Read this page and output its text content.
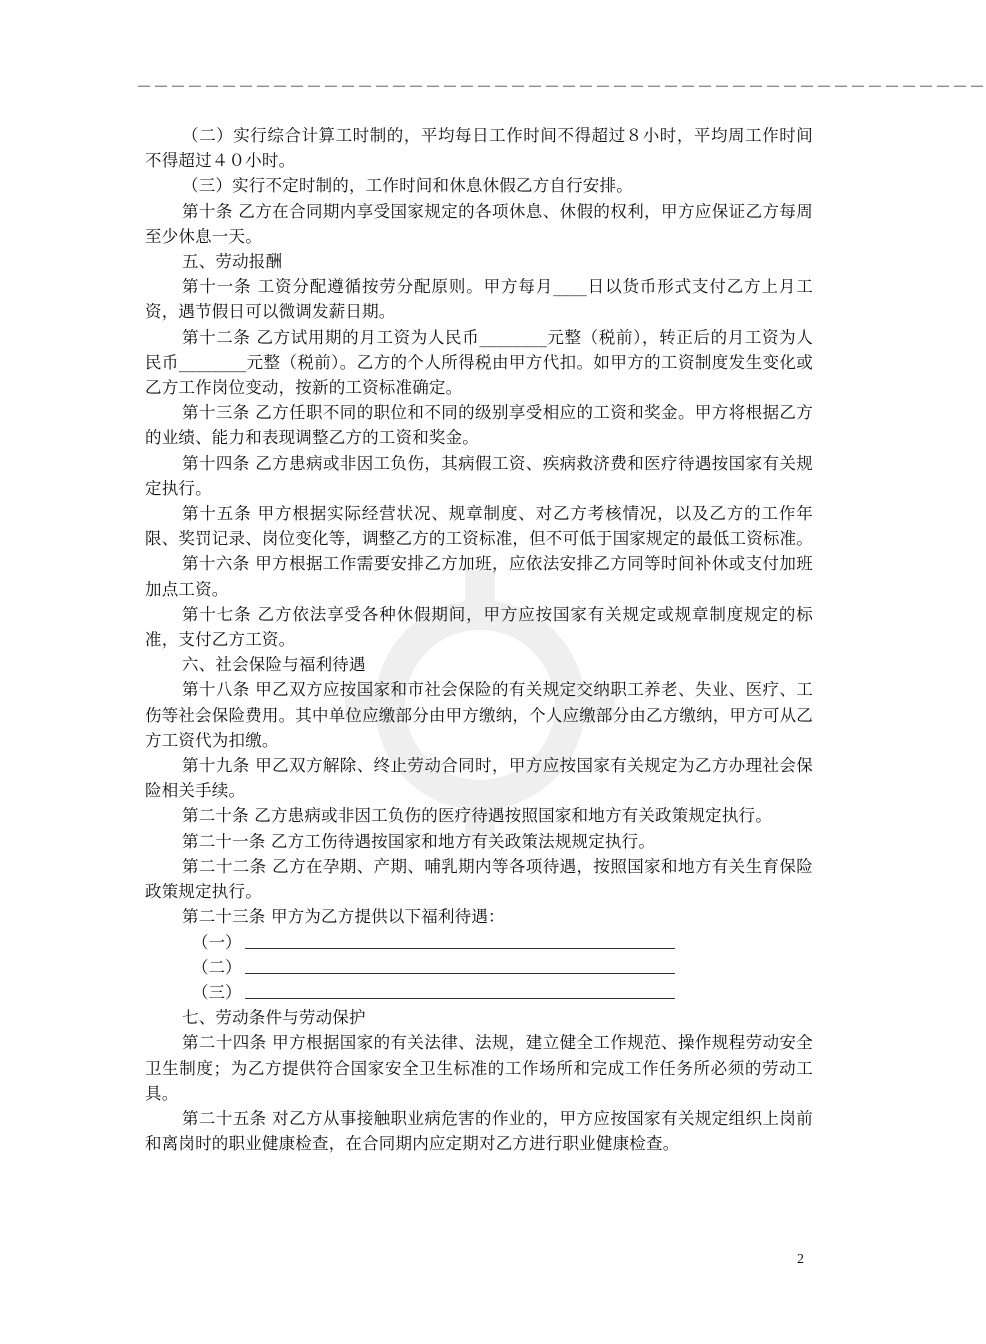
－－－－－－－－－－－－－－－－－－－－－－－－－－－－－－－－－－－－－－－－－－－－－－－－－－

（二）实行综合计算工时制的，平均每日工作时间不得超过８小时，平均周工作时间不得超过４０小时。

（三）实行不定时制的，工作时间和休息休假乙方自行安排。

第十条 乙方在合同期内享受国家规定的各项休息、休假的权利，甲方应保证乙方每周至少休息一天。

五、劳动报酬

第十一条 工资分配遵循按劳分配原则。甲方每月____日以货币形式支付乙方上月工资，遇节假日可以微调发薪日期。

第十二条 乙方试用期的月工资为人民币________元整（税前），转正后的月工资为人民币________元整（税前）。乙方的个人所得税由甲方代扣。如甲方的工资制度发生变化或乙方工作岗位变动，按新的工资标准确定。

第十三条 乙方任职不同的职位和不同的级别享受相应的工资和奖金。甲方将根据乙方的业绩、能力和表现调整乙方的工资和奖金。

第十四条 乙方患病或非因工负伤，其病假工资、疾病救济费和医疗待遇按国家有关规定执行。

第十五条 甲方根据实际经营状况、规章制度、对乙方考核情况，以及乙方的工作年限、奖罚记录、岗位变化等，调整乙方的工资标准，但不可低于国家规定的最低工资标准。

第十六条 甲方根据工作需要安排乙方加班，应依法安排乙方同等时间补休或支付加班加点工资。

第十七条 乙方依法享受各种休假期间，甲方应按国家有关规定或规章制度规定的标准，支付乙方工资。

六、社会保险与福利待遇

第十八条 甲乙双方应按国家和市社会保险的有关规定交纳职工养老、失业、医疗、工伤等社会保险费用。其中单位应缴部分由甲方缴纳，个人应缴部分由乙方缴纳，甲方可从乙方工资代为扣缴。

第十九条 甲乙双方解除、终止劳动合同时，甲方应按国家有关规定为乙方办理社会保险相关手续。

第二十条 乙方患病或非因工负伤的医疗待遇按照国家和地方有关政策规定执行。

第二十一条 乙方工伤待遇按国家和地方有关政策法规规定执行。

第二十二条 乙方在孕期、产期、哺乳期内等各项待遇，按照国家和地方有关生育保险政策规定执行。

第二十三条 甲方为乙方提供以下福利待遇：

（一）
（二）
（三）

七、劳动条件与劳动保护

第二十四条 甲方根据国家的有关法律、法规，建立健全工作规范、操作规程劳动安全卫生制度；为乙方提供符合国家安全卫生标准的工作场所和完成工作任务所必须的劳动工具。

第二十五条 对乙方从事接触职业病危害的作业的，甲方应按国家有关规定组织上岗前和离岗时的职业健康检查，在合同期内应定期对乙方进行职业健康检查。

2
